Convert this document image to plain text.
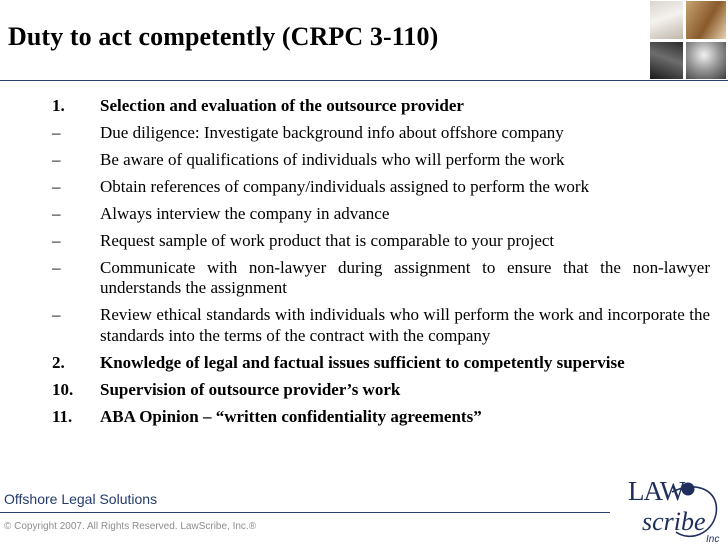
Duty to act competently (CRPC 3-110)
1. Selection and evaluation of the outsource provider
– Due diligence: Investigate background info about offshore company
– Be aware of qualifications of individuals who will perform the work
– Obtain references of company/individuals assigned to perform the work
– Always interview the company in advance
– Request sample of work product that is comparable to your project
– Communicate with non-lawyer during assignment to ensure that the non-lawyer understands the assignment
– Review ethical standards with individuals who will perform the work and incorporate the standards into the terms of the contract with the company
2. Knowledge of legal and factual issues sufficient to competently supervise
10. Supervision of outsource provider’s work
11. ABA Opinion – “written confidentiality agreements”
Offshore Legal Solutions
© Copyright 2007. All Rights Reserved. LawScribe, Inc.®
LAW
scribe
Inc
